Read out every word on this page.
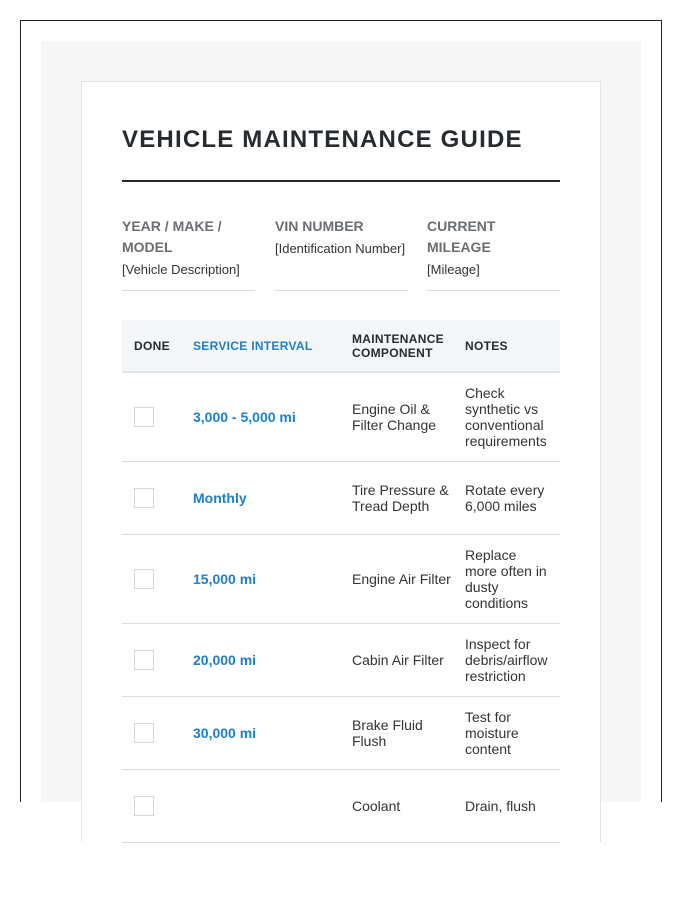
VEHICLE MAINTENANCE GUIDE
YEAR / MAKE / MODEL
[Vehicle Description]
VIN NUMBER
[Identification Number]
CURRENT MILEAGE
[Mileage]
DONE	SERVICE INTERVAL	MAINTENANCE COMPONENT	NOTES

	3,000 - 5,000 mi	Engine Oil & Filter Change	Check synthetic vs conventional requirements

	Monthly	Tire Pressure & Tread Depth	Rotate every 6,000 miles

	15,000 mi	Engine Air Filter	Replace more often in dusty conditions

	20,000 mi	Cabin Air Filter	Inspect for debris/airflow restriction

	30,000 mi	Brake Fluid Flush	Test for moisture content

		Coolant	Drain, flush
